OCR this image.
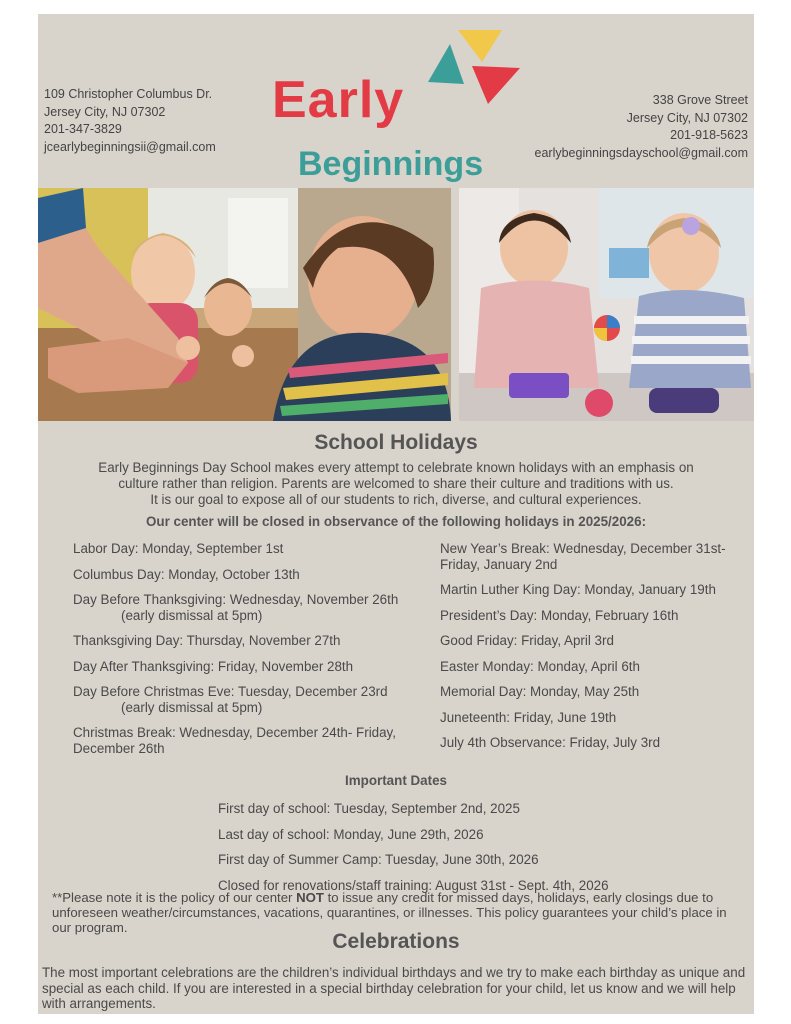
109 Christopher Columbus Dr.
Jersey City, NJ 07302
201-347-3829
jcearlybeginningsii@gmail.com
Early
Beginnings
338 Grove Street
Jersey City, NJ 07302
201-918-5623
earlybeginningsdayschool@gmail.com
School Holidays

Early Beginnings Day School makes every attempt to celebrate known holidays with an emphasis on

culture rather than religion. Parents are welcomed to share their culture and traditions with us.

It is our goal to expose all of our students to rich, diverse, and cultural experiences.

Our center will be closed in observance of the following holidays in 2025/2026:
Labor Day: Monday, September 1st
Columbus Day: Monday, October 13th
Day Before Thanksgiving: Wednesday, November 26th
(early dismissal at 5pm)
Thanksgiving Day: Thursday, November 27th
Day After Thanksgiving: Friday, November 28th
Day Before Christmas Eve: Tuesday, December 23rd
(early dismissal at 5pm)
Christmas Break: Wednesday, December 24th- Friday, December 26th
New Year’s Break: Wednesday, December 31st- Friday, January 2nd
Martin Luther King Day: Monday, January 19th
President’s Day: Monday, February 16th
Good Friday: Friday, April 3rd
Easter Monday: Monday, April 6th
Memorial Day: Monday, May 25th
Juneteenth: Friday, June 19th
July 4th Observance: Friday, July 3rd
Important Dates
First day of school: Tuesday, September 2nd, 2025
Last day of school: Monday, June 29th, 2026
First day of Summer Camp: Tuesday, June 30th, 2026
Closed for renovations/staff training: August 31st - Sept. 4th, 2026
**Please note it is the policy of our center NOT to issue any credit for missed days, holidays, early closings due to unforeseen weather/circumstances, vacations, quarantines, or illnesses. This policy guarantees your child’s place in our program.
Celebrations
The most important celebrations are the children’s individual birthdays and we try to make each birthday as unique and special as each child. If you are interested in a special birthday celebration for your child, let us know and we will help with arrangements.
